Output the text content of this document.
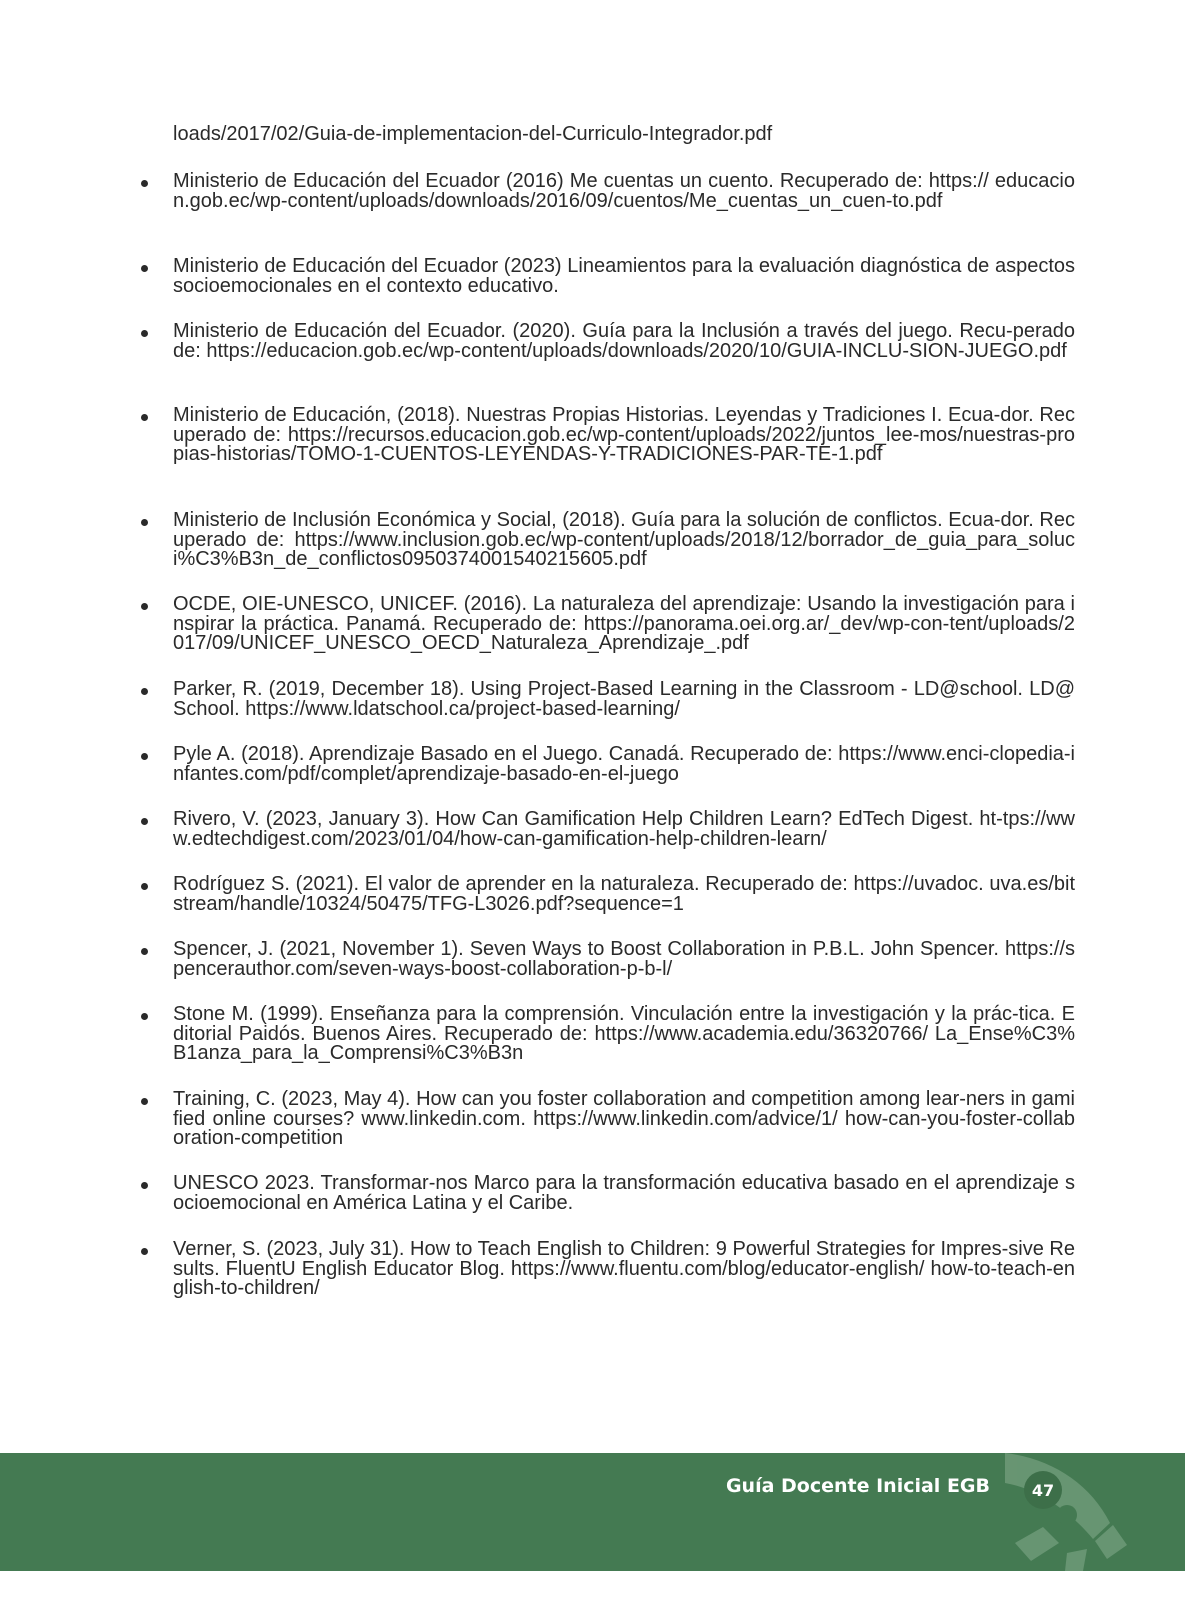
loads/2017/02/Guia-de-implementacion-del-Curriculo-Integrador.pdf

Ministerio de Educación del Ecuador (2016) Me cuentas un cuento. Recuperado de: https:// educacion.gob.ec/wp-content/uploads/downloads/2016/09/cuentos/Me_cuentas_un_cuen-to.pdf
Ministerio de Educación del Ecuador (2023) Lineamientos para la evaluación diagnóstica de aspectos socioemocionales en el contexto educativo.
Ministerio de Educación del Ecuador. (2020). Guía para la Inclusión a través del juego. Recu-perado de: https://educacion.gob.ec/wp-content/uploads/downloads/2020/10/GUIA-INCLU-SION-JUEGO.pdf
Ministerio de Educación, (2018). Nuestras Propias Historias. Leyendas y Tradiciones I. Ecua-dor. Recuperado de: https://recursos.educacion.gob.ec/wp-content/uploads/2022/juntos_lee-mos/nuestras-propias-historias/TOMO-1-CUENTOS-LEYENDAS-Y-TRADICIONES-PAR-TE-1.pdf
Ministerio de Inclusión Económica y Social, (2018). Guía para la solución de conflictos. Ecua-dor. Recuperado de: https://www.inclusion.gob.ec/wp-content/uploads/2018/12/borrador_de_guia_para_soluci%C3%B3n_de_conflictos0950374001540215605.pdf
OCDE, OIE-UNESCO, UNICEF. (2016). La naturaleza del aprendizaje: Usando la investigación para inspirar la práctica. Panamá. Recuperado de: https://panorama.oei.org.ar/_dev/wp-con-tent/uploads/2017/09/UNICEF_UNESCO_OECD_Naturaleza_Aprendizaje_.pdf
Parker, R. (2019, December 18). Using Project-Based Learning in the Classroom - LD@school. LD@School. https://www.ldatschool.ca/project-based-learning/
Pyle A. (2018). Aprendizaje Basado en el Juego. Canadá. Recuperado de: https://www.enci-clopedia-infantes.com/pdf/complet/aprendizaje-basado-en-el-juego
Rivero, V. (2023, January 3). How Can Gamification Help Children Learn? EdTech Digest. ht-tps://www.edtechdigest.com/2023/01/04/how-can-gamification-help-children-learn/
Rodríguez S. (2021). El valor de aprender en la naturaleza. Recuperado de: https://uvadoc. uva.es/bitstream/handle/10324/50475/TFG-L3026.pdf?sequence=1
Spencer, J. (2021, November 1). Seven Ways to Boost Collaboration in P.B.L. John Spencer. https://spencerauthor.com/seven-ways-boost-collaboration-p-b-l/
Stone M. (1999). Enseñanza para la comprensión. Vinculación entre la investigación y la prác-tica. Editorial Paidós. Buenos Aires. Recuperado de: https://www.academia.edu/36320766/ La_Ense%C3%B1anza_para_la_Comprensi%C3%B3n
Training, C. (2023, May 4). How can you foster collaboration and competition among lear-ners in gamified online courses? www.linkedin.com. https://www.linkedin.com/advice/1/ how-can-you-foster-collaboration-competition
UNESCO 2023. Transformar-nos Marco para la transformación educativa basado en el aprendizaje socioemocional en América Latina y el Caribe.
Verner, S. (2023, July 31). How to Teach English to Children: 9 Powerful Strategies for Impres-sive Results. FluentU English Educator Blog. https://www.fluentu.com/blog/educator-english/ how-to-teach-english-to-children/
Guía Docente Inicial EGB	47
